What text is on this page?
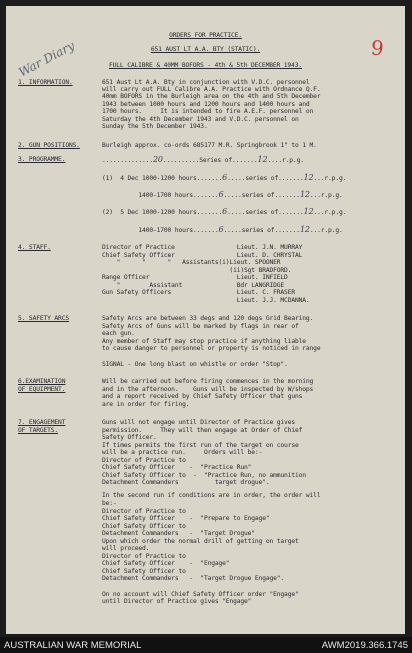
War Diary	9
ORDERS FOR PRACTICE.
651 AUST LT A.A. BTY (STATIC).
FULL CALIBRE & 40MM BOFORS - 4th & 5th DECEMBER 1943.
1. INFORMATION.	651 Aust Lt A.A. Bty in conjunction with V.D.C. personnel
will carry out FULL Calibre A.A. Practice with Ordnance Q.F.
40mm BOFORS in the Burleigh area on the 4th and 5th December
1943 between 1000 hours and 1200 hours and 1400 hours and
1700 hours.     It is intended to fire A.E.F. personnel on
Saturday the 4th December 1943 and V.D.C. personnel on
Sunday the 5th December 1943.
2. GUN POSITIONS.	Burleigh approx. co-ords 685177 M.R. Springbrook 1" to 1 M.
3. PROGRAMME.	..............20..........Series of.......12....r.p.g.
(1)  4 Dec 1000-1200 hours.......6.....series of.......12...r.p.g.
1400-1700 hours.......6.....series of.......12...r.p.g.
(2)  5 Dec 1000-1200 hours.......6.....series of.......12...r.p.g.
1400-1700 hours.......6.....series of.......12...r.p.g.
4. STAFF.	Director of Practice                 Lieut. J.N. MURRAY
Chief Safety Officer                 Lieut. D. CHRYSTAL
"      "      "   Assistants(i)Lieut. SPOONER
(ii)Sgt BRADFORD.
Range Officer                        Lieut. INFIELD
"        Assistant               Bdr LANGRIDGE
Gun Safety Officers                  Lieut. C. FRASER
Lieut. J.J. MCDANNA.
5. SAFETY ARCS	Safety Arcs are between 33 degs and 120 degs Grid Bearing.
Safety Arcs of Guns will be marked by flags in rear of
each gun.
Any member of Staff may stop practice if anything liable
to cause danger to personnel or property is noticed in range
SIGNAL - One long blast on whistle or order "Stop".
6.EXAMINATION
OF EQUIPMENT.
Will be carried out before firing commences in the morning
and in the afternoon.    Guns will be inspected by W/shops
and a report received by Chief Safety Officer that guns
are in order for firing.
7. ENGAGEMENT
OF TARGETS.
Guns will not engage until Director of Practice gives
permission.     They will then engage at Order of Chief
Safety Officer.
If times permits the first run of the target on course
will be a practice run.     Orders will be:-
Director of Practice to
Chief Safety Officer    -  "Practice Run"
Chief Safety Officer to  -  "Practice Run, no ammunition
Detachment Commanders          target drogue".
In the second run if conditions are in order, the order will
be:-
Director of Practice to
Chief Safety Officer    -  "Prepare to Engage"
Chief Safety Officer to
Detachment Commanders   -  "Target Drogue"
Upon which order the normal drill of getting on target
will proceed.
Director of Practice to
Chief Safety Officer    -  "Engage"
Chief Safety Officer to
Detachment Commanders   -  "Target Drogue Engage".
On no account will Chief Safety Officer order "Engage"
until Director of Practice gives "Engage"
AUSTRALIAN WAR MEMORIAL	AWM2019.366.1745
